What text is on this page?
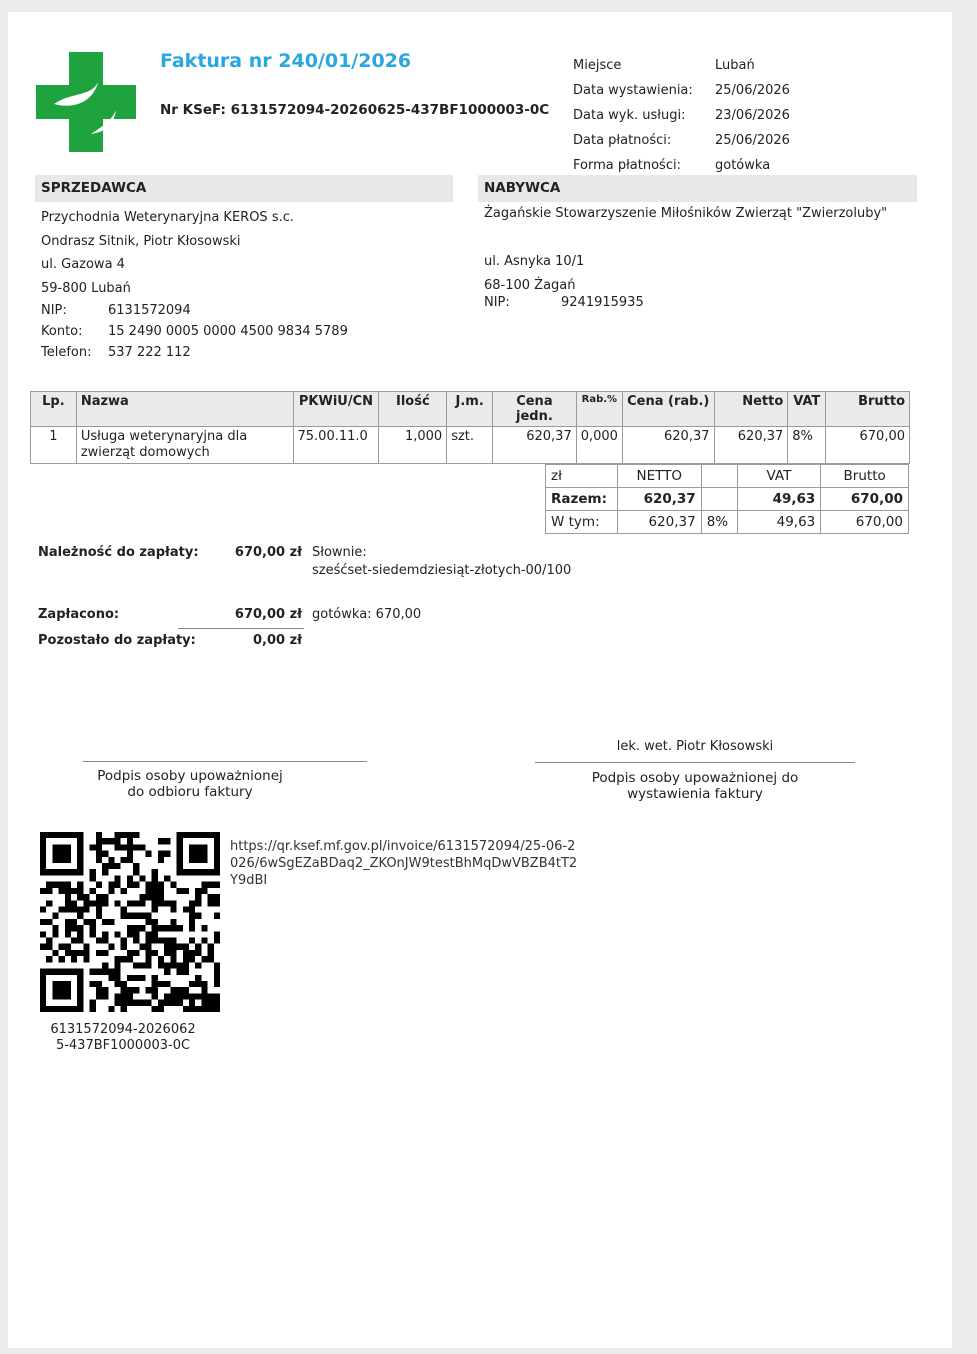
Faktura nr 240/01/2026
Nr KSeF: 6131572094-20260625-437BF1000003-0C
Miejsce	Lubań
Data wystawienia: 25/06/2026
Data wyk. usługi: 23/06/2026
Data płatności:	25/06/2026
Forma płatności:	gotówka
SPRZEDAWCA
Przychodnia Weterynaryjna KEROS s.c.
Ondrasz Sitnik, Piotr Kłosowski
ul. Gazowa 4
59-800 Lubań
NIP:	6131572094
Konto: 15 2490 0005 0000 4500 9834 5789
Telefon: 537 222 112
NABYWCA
Żagańskie Stowarzyszenie Miłośników Zwierząt "Zwierzoluby"
ul. Asnyka 10/1
68-100 Żagań
NIP:	9241915935
Lp.	Nazwa	PKWiU/CN	Ilość	J.m.	Cena jedn.	Rab.%	Cena (rab.)	Netto	VAT	Brutto
1	Usługa weterynaryjna dla zwierząt domowych	75.00.11.0	1,000	szt.	620,37	0,000	620,37	620,37	8%	670,00
zł	NETTO		VAT	Brutto
Razem:	620,37		49,63	670,00
W tym:	620,37	8%	49,63	670,00
Należność do zapłaty:	670,00 zł Słownie:
sześćset-siedemdziesiąt-złotych-00/100
Zapłacono:	670,00 zł gotówka: 670,00
Pozostało do zapłaty:	0,00 zł
Podpis osoby upoważnionej do odbioru faktury
lek. wet. Piotr Kłosowski
Podpis osoby upoważnionej do wystawienia faktury
https://qr.ksef.mf.gov.pl/invoice/6131572094/25-06-2026/6wSgEZaBDaq2_ZKOnJW9testBhMqDwVBZB4tT2Y9dBI
6131572094-20260625-437BF1000003-0C
